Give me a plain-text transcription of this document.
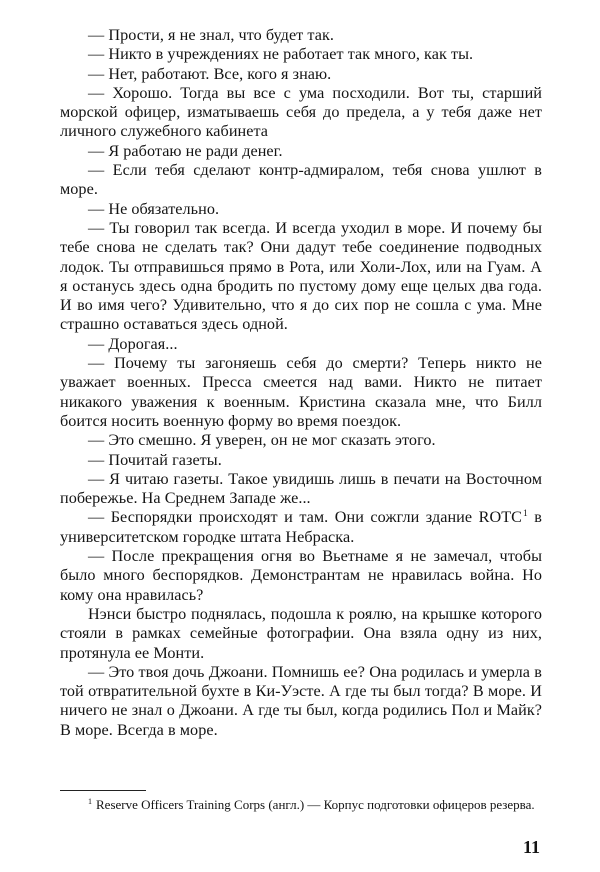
— Прости, я не знал, что будет так.

— Никто в учреждениях не работает так много, как ты.

— Нет, работают. Все, кого я знаю.

— Хорошо. Тогда вы все с ума посходили. Вот ты, старший морской офицер, изматываешь себя до предела, а у тебя даже нет личного служебного кабинета

— Я работаю не ради денег.

— Если тебя сделают контр-адмиралом, тебя снова ушлют в море.

— Не обязательно.

— Ты говорил так всегда. И всегда уходил в море. И почему бы тебе снова не сделать так? Они дадут тебе соединение подводных лодок. Ты отправишься прямо в Рота, или Холи-Лох, или на Гуам. А я останусь здесь одна бродить по пустому дому еще целых два года. И во имя чего? Удивительно, что я до сих пор не сошла с ума. Мне страшно оставаться здесь одной.

— Дорогая...

— Почему ты загоняешь себя до смерти? Теперь никто не уважает военных. Пресса смеется над вами. Никто не питает никакого уважения к военным. Кристина сказала мне, что Билл боится носить военную форму во время поездок.

— Это смешно. Я уверен, он не мог сказать этого.

— Почитай газеты.

— Я читаю газеты. Такое увидишь лишь в печати на Восточном побережье. На Среднем Западе же...

— Беспорядки происходят и там. Они сожгли здание ROTC$^1$ в университетском городке штата Небраска.

— После прекращения огня во Вьетнаме я не замечал, чтобы было много беспорядков. Демонстрантам не нравилась война. Но кому она нравилась?

Нэнси быстро поднялась, подошла к роялю, на крышке которого стояли в рамках семейные фотографии. Она взяла одну из них, протянула ее Монти.

— Это твоя дочь Джоани. Помнишь ее? Она родилась и умерла в той отвратительной бухте в Ки-Уэсте. А где ты был тогда? В море. И ничего не знал о Джоани. А где ты был, когда родились Пол и Майк? В море. Всегда в море.

$^1$ Reserve Officers Training Corps (англ.) — Корпус подготовки офицеров резерва.

11
